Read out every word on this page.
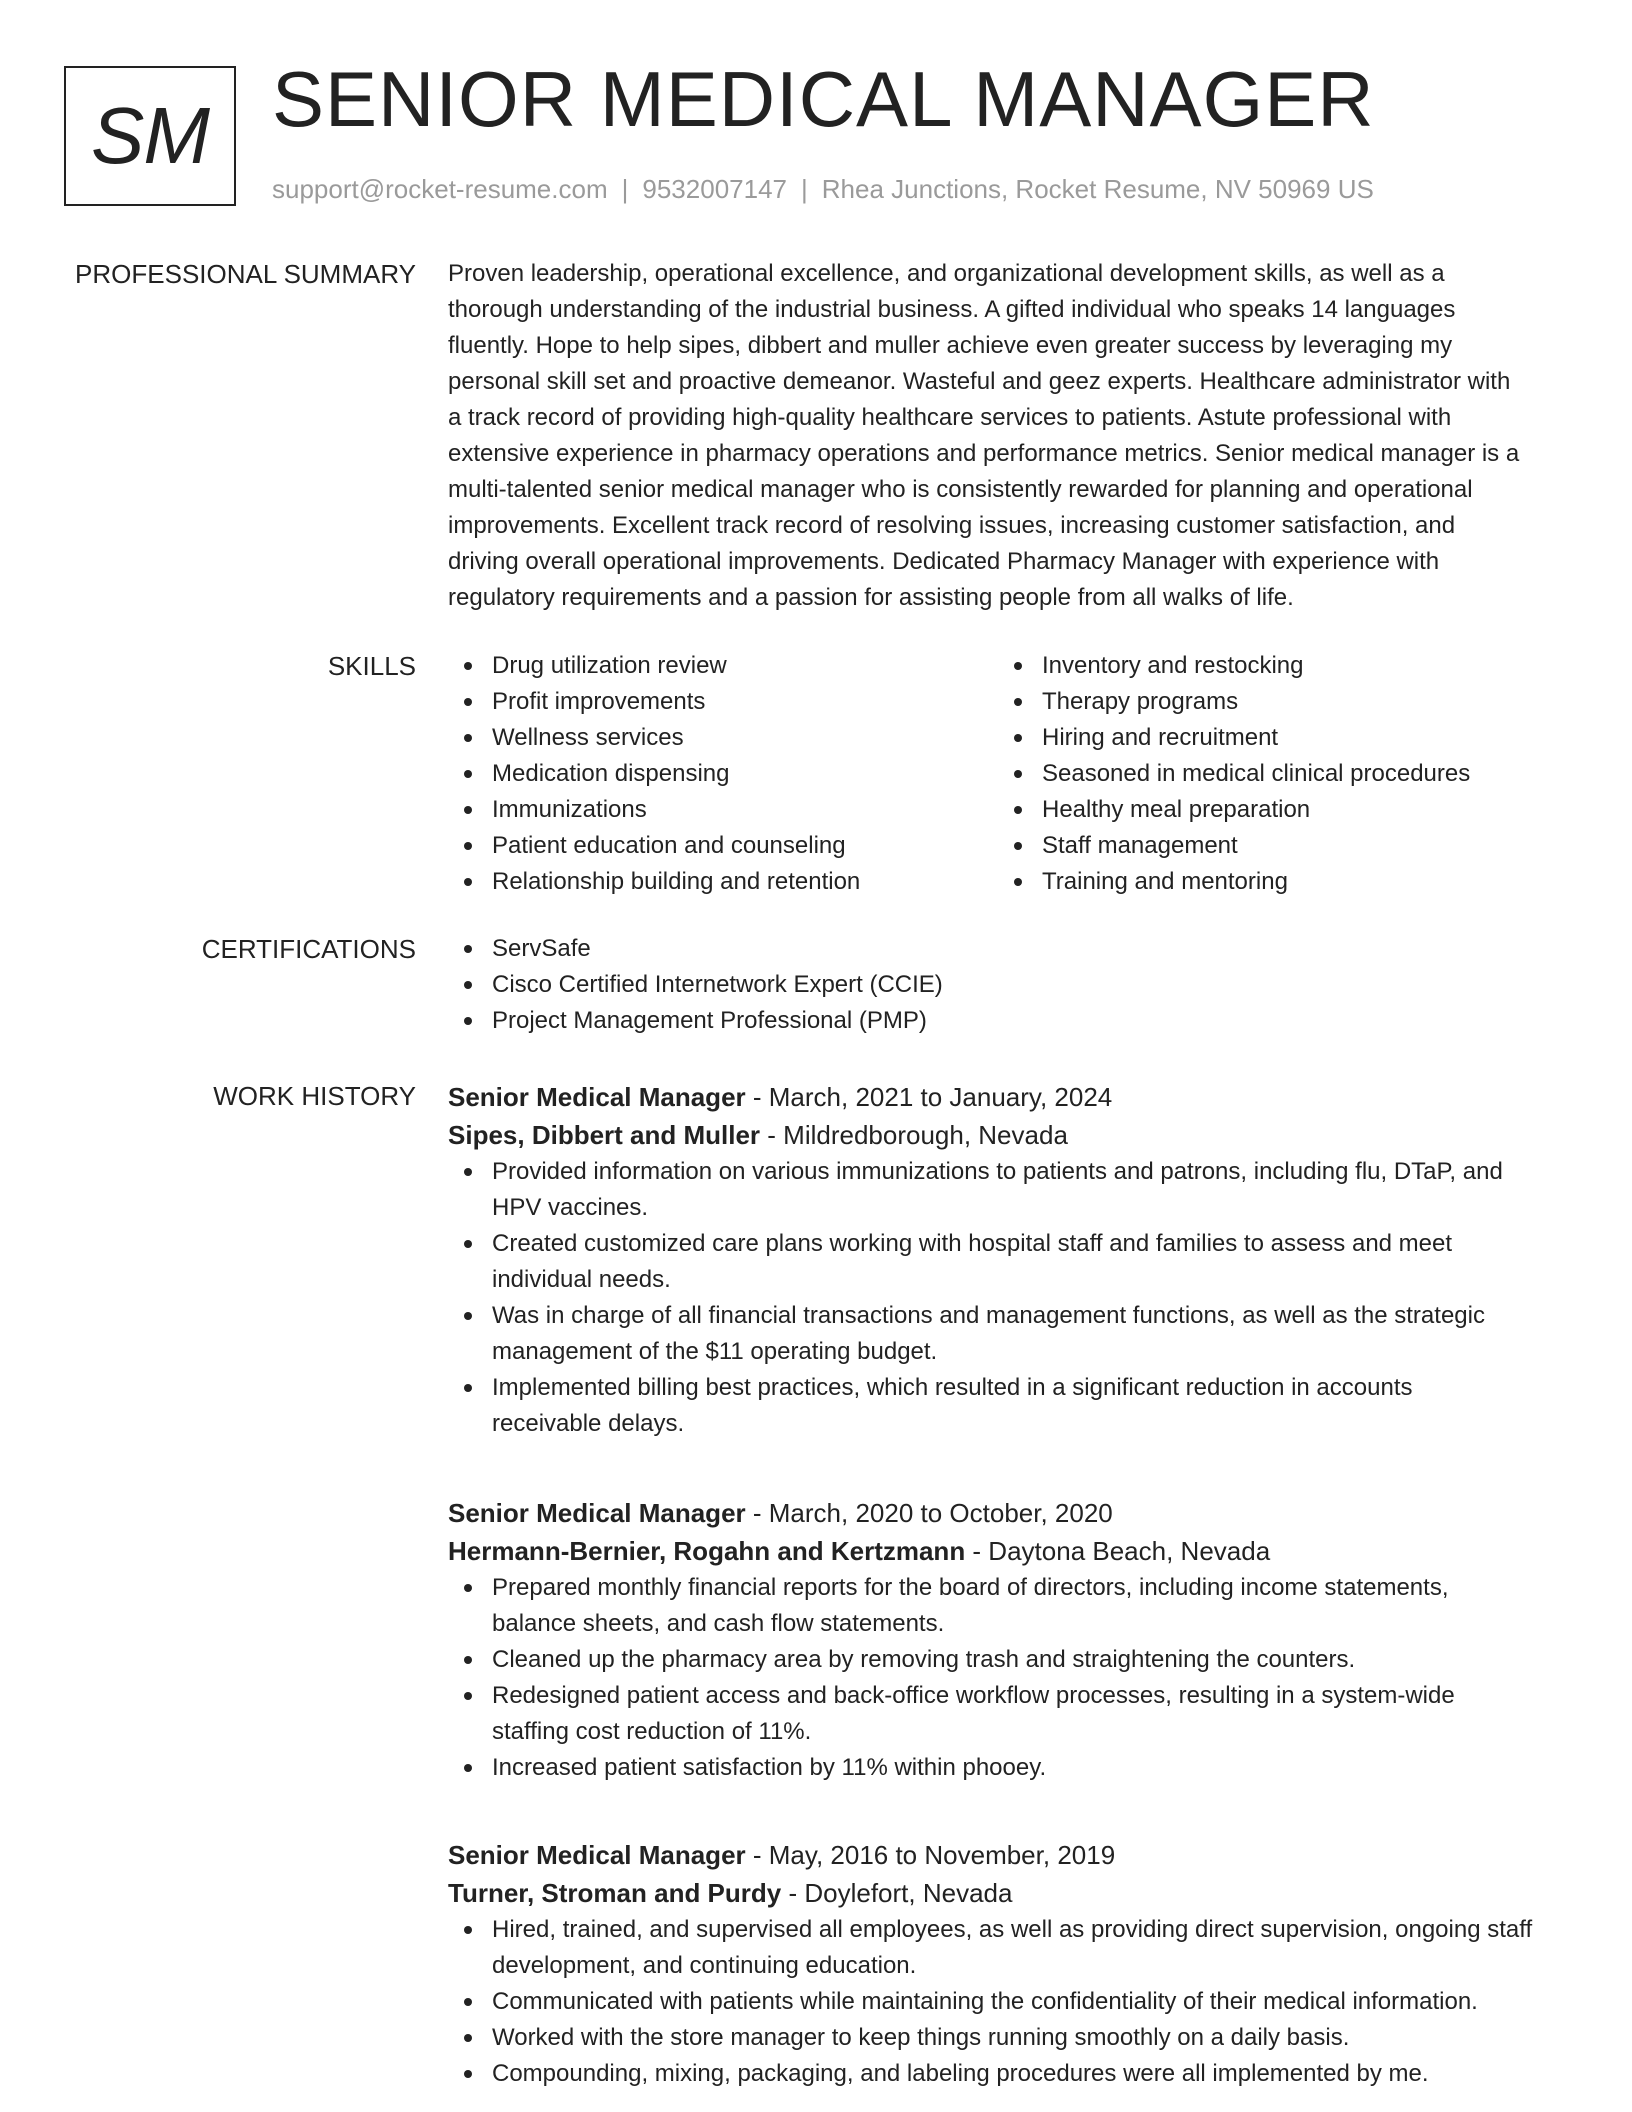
SM SENIOR MEDICAL MANAGER
support@rocket-resume.com | 9532007147 | Rhea Junctions, Rocket Resume, NV 50969 US
PROFESSIONAL SUMMARY Proven leadership, operational excellence, and organizational development skills, as well as a
thorough understanding of the industrial business. A gifted individual who speaks 14 languages
fluently. Hope to help sipes, dibbert and muller achieve even greater success by leveraging my
personal skill set and proactive demeanor. Wasteful and geez experts. Healthcare administrator with
a track record of providing high-quality healthcare services to patients. Astute professional with
extensive experience in pharmacy operations and performance metrics. Senior medical manager is a
multi-talented senior medical manager who is consistently rewarded for planning and operational
improvements. Excellent track record of resolving issues, increasing customer satisfaction, and
driving overall operational improvements. Dedicated Pharmacy Manager with experience with
regulatory requirements and a passion for assisting people from all walks of life.
SKILLS	Drug utilization review
Profit improvements
Wellness services
Medication dispensing
Immunizations
Patient education and counseling
Relationship building and retention
Inventory and restocking
Therapy programs
Hiring and recruitment
Seasoned in medical clinical procedures
Healthy meal preparation
Staff management
Training and mentoring
CERTIFICATIONS	ServSafe
Cisco Certified Internetwork Expert (CCIE)
Project Management Professional (PMP)
WORK HISTORY Senior Medical Manager - March, 2021 to January, 2024
Sipes, Dibbert and Muller - Mildredborough, Nevada
Provided information on various immunizations to patients and patrons, including flu, DTaP, and
HPV vaccines.
Created customized care plans working with hospital staff and families to assess and meet
individual needs.
Was in charge of all financial transactions and management functions, as well as the strategic
management of the $11 operating budget.
Implemented billing best practices, which resulted in a significant reduction in accounts
receivable delays.
Senior Medical Manager - March, 2020 to October, 2020
Hermann-Bernier, Rogahn and Kertzmann - Daytona Beach, Nevada
Prepared monthly financial reports for the board of directors, including income statements,
balance sheets, and cash flow statements.
Cleaned up the pharmacy area by removing trash and straightening the counters.
Redesigned patient access and back-office workflow processes, resulting in a system-wide
staffing cost reduction of 11%.
Increased patient satisfaction by 11% within phooey.
Senior Medical Manager - May, 2016 to November, 2019
Turner, Stroman and Purdy - Doylefort, Nevada
Hired, trained, and supervised all employees, as well as providing direct supervision, ongoing staff
development, and continuing education.
Communicated with patients while maintaining the confidentiality of their medical information.
Worked with the store manager to keep things running smoothly on a daily basis.
Compounding, mixing, packaging, and labeling procedures were all implemented by me.
